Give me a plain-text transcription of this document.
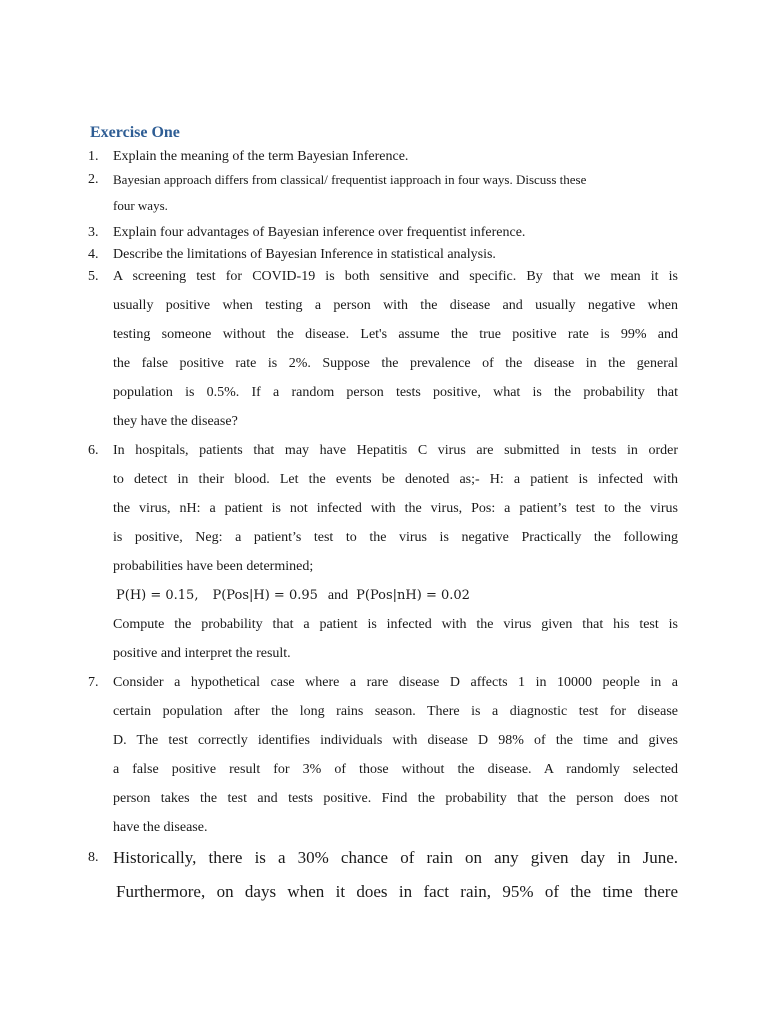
Exercise One
1.	Explain the meaning of the term Bayesian Inference.
2.	Bayesian approach differs from classical/ frequentist iapproach in four ways. Discuss these
four ways.
3.	Explain four advantages of Bayesian inference over frequentist inference.
4.	Describe the limitations of Bayesian Inference in statistical analysis.
5.	A screening test for COVID-19 is both sensitive and specific. By that we mean it is
usually positive when testing a person with the disease and usually negative when
testing someone without the disease. Let's assume the true positive rate is 99% and
the false positive rate is 2%. Suppose the prevalence of the disease in the general
population is 0.5%. If a random person tests positive, what is the probability that
they have the disease?
6.	In hospitals, patients that may have Hepatitis C virus are submitted in tests in order
to detect in their blood. Let the events be denoted as;- H: a patient is infected with
the virus, nH: a patient is not infected with the virus, Pos: a patient’s test to the virus
is positive, Neg: a patient’s test to the virus is negative Practically the following
probabilities have been determined;
P(H) = 0.15, P(Pos|H) = 0.95 and P(Pos|nH) = 0.02
Compute the probability that a patient is infected with the virus given that his test is
positive and interpret the result.
7.	Consider a hypothetical case where a rare disease D affects 1 in 10000 people in a
certain population after the long rains season. There is a diagnostic test for disease
D. The test correctly identifies individuals with disease D 98% of the time and gives
a false positive result for 3% of those without the disease. A randomly selected
person takes the test and tests positive. Find the probability that the person does not
have the disease.
8. Historically, there is a 30% chance of rain on any given day in June.
Furthermore, on days when it does in fact rain, 95% of the time there
